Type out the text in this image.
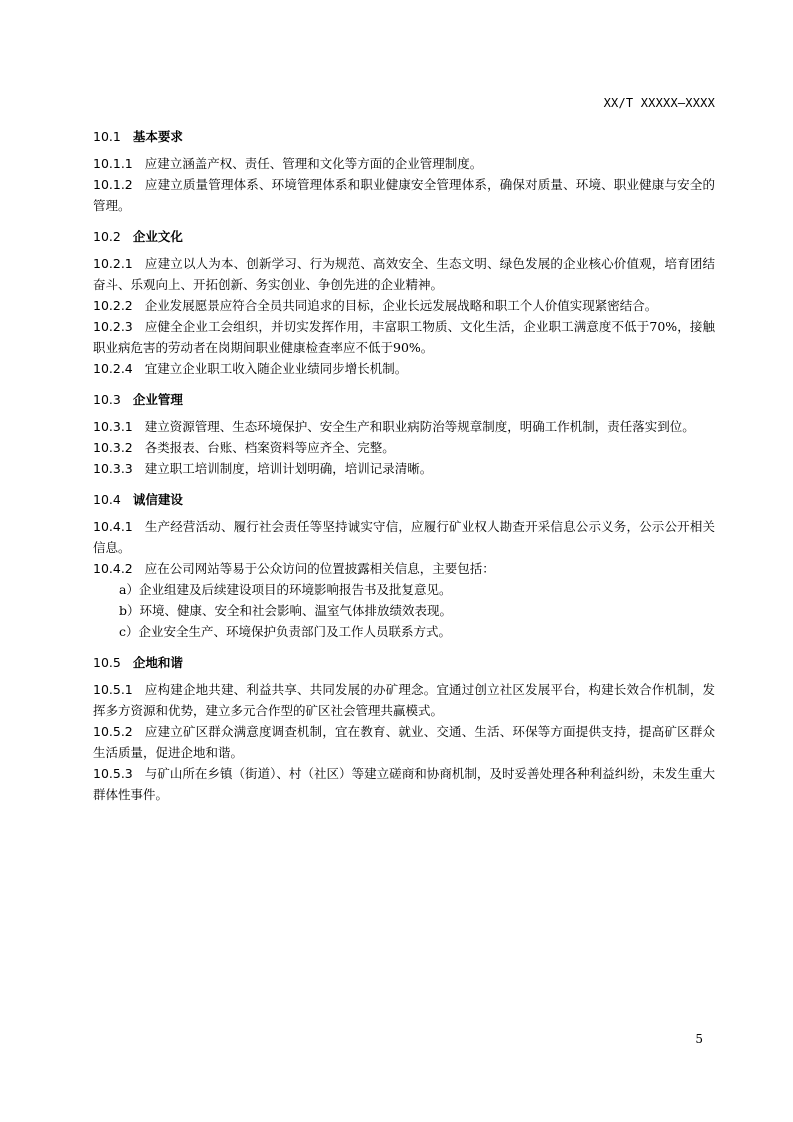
XX/T XXXXX—XXXX
10.1 基本要求
10.1.1 应建立涵盖产权、责任、管理和文化等方面的企业管理制度。
10.1.2 应建立质量管理体系、环境管理体系和职业健康安全管理体系，确保对质量、环境、职业健康与安全的管理。
10.2 企业文化
10.2.1 应建立以人为本、创新学习、行为规范、高效安全、生态文明、绿色发展的企业核心价值观，培育团结奋斗、乐观向上、开拓创新、务实创业、争创先进的企业精神。
10.2.2 企业发展愿景应符合全员共同追求的目标，企业长远发展战略和职工个人价值实现紧密结合。
10.2.3 应健全企业工会组织，并切实发挥作用，丰富职工物质、文化生活，企业职工满意度不低于70%，接触职业病危害的劳动者在岗期间职业健康检查率应不低于90%。
10.2.4 宜建立企业职工收入随企业业绩同步增长机制。
10.3 企业管理
10.3.1 建立资源管理、生态环境保护、安全生产和职业病防治等规章制度，明确工作机制，责任落实到位。
10.3.2 各类报表、台账、档案资料等应齐全、完整。
10.3.3 建立职工培训制度，培训计划明确，培训记录清晰。
10.4 诚信建设
10.4.1 生产经营活动、履行社会责任等坚持诚实守信，应履行矿业权人勘查开采信息公示义务，公示公开相关信息。
10.4.2 应在公司网站等易于公众访问的位置披露相关信息，主要包括：
a）企业组建及后续建设项目的环境影响报告书及批复意见。
b）环境、健康、安全和社会影响、温室气体排放绩效表现。
c）企业安全生产、环境保护负责部门及工作人员联系方式。
10.5 企地和谐
10.5.1 应构建企地共建、利益共享、共同发展的办矿理念。宜通过创立社区发展平台，构建长效合作机制，发挥多方资源和优势，建立多元合作型的矿区社会管理共赢模式。
10.5.2 应建立矿区群众满意度调查机制，宜在教育、就业、交通、生活、环保等方面提供支持，提高矿区群众生活质量，促进企地和谐。
10.5.3 与矿山所在乡镇（街道）、村（社区）等建立磋商和协商机制，及时妥善处理各种利益纠纷，未发生重大群体性事件。
5
